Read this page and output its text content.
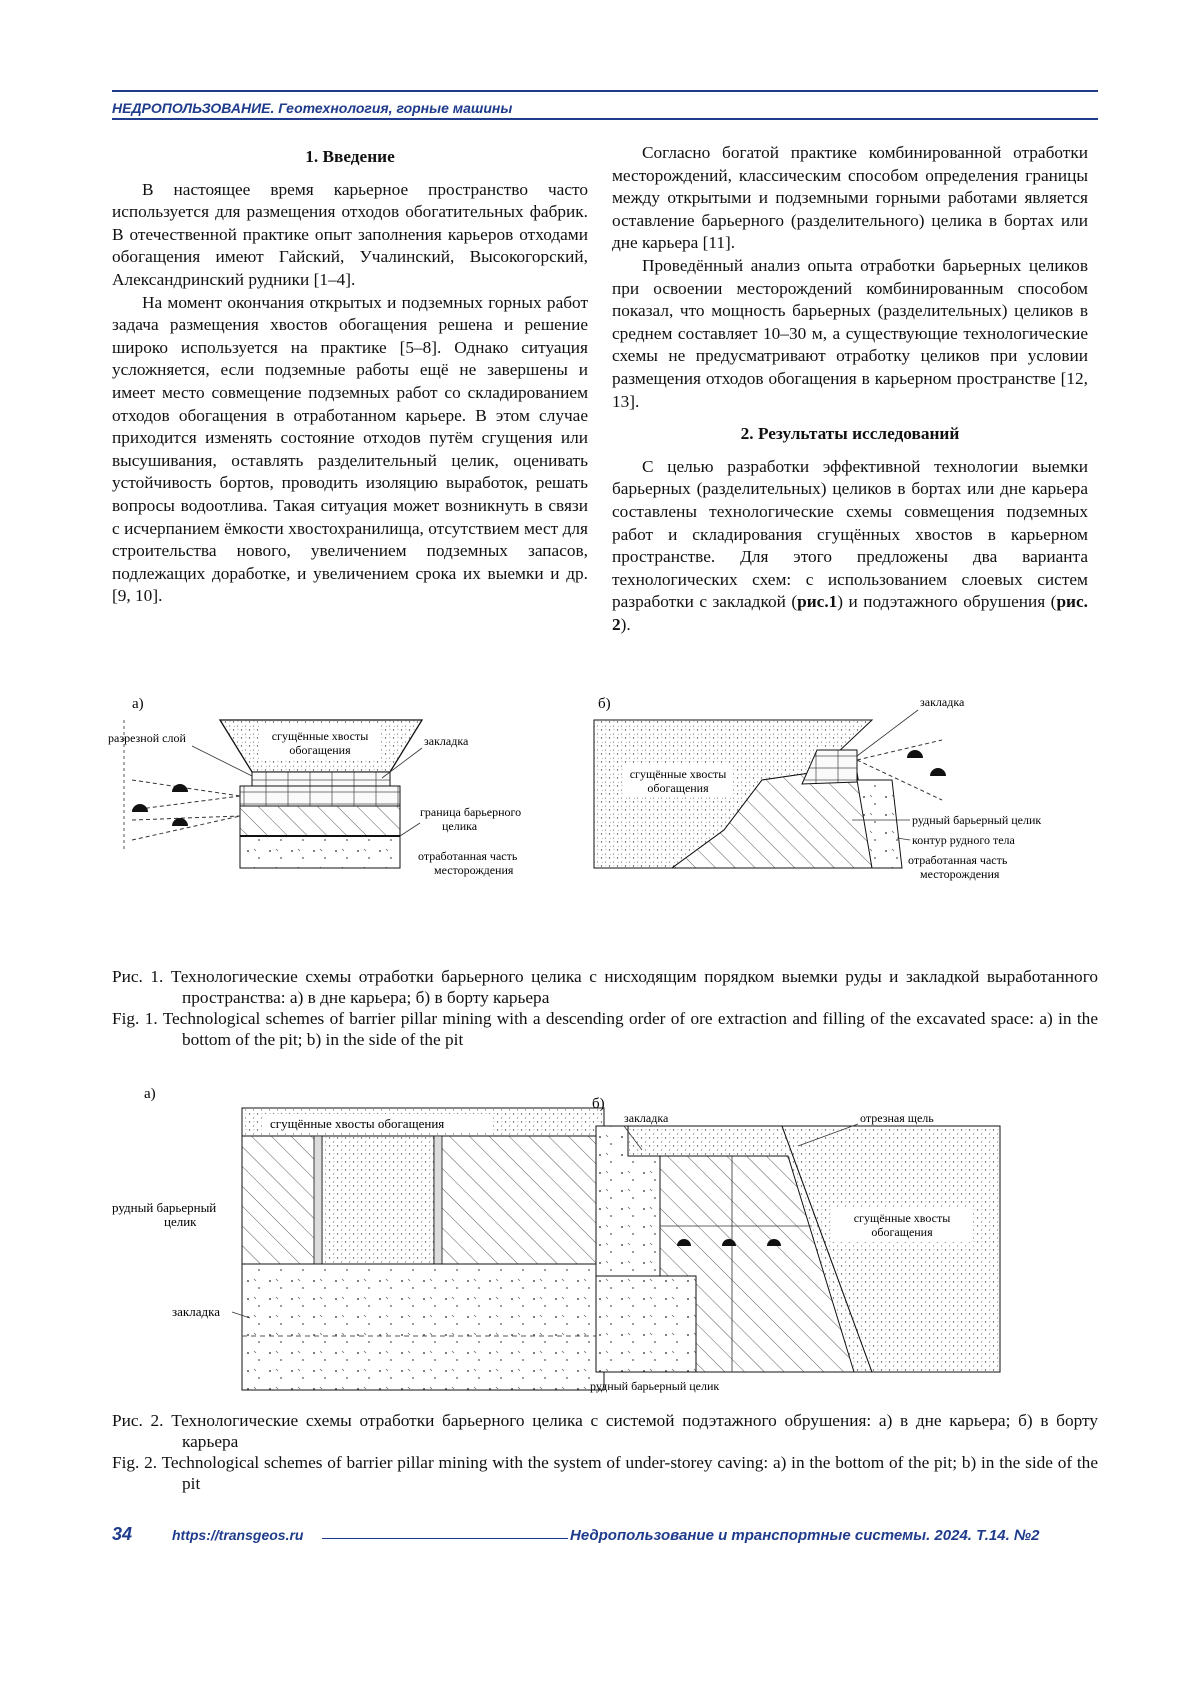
НЕДРОПОЛЬЗОВАНИЕ. Геотехнология, горные машины
1. Введение

В настоящее время карьерное пространство часто используется для размещения отходов обогатительных фабрик. В отечественной практике опыт заполнения карьеров отходами обогащения имеют Гайский, Учалинский, Высокогорский, Александринский рудники [1–4].

На момент окончания открытых и подземных горных работ задача размещения хвостов обогащения решена и решение широко используется на практике [5–8]. Однако ситуация усложняется, если подземные работы ещё не завершены и имеет место совмещение подземных работ со складированием отходов обогащения в отработанном карьере. В этом случае приходится изменять состояние отходов путём сгущения или высушивания, оставлять разделительный целик, оценивать устойчивость бортов, проводить изоляцию выработок, решать вопросы водоотлива. Такая ситуация может возникнуть в связи с исчерпанием ёмкости хвостохранилища, отсутствием мест для строительства нового, увеличением подземных запасов, подлежащих доработке, и увеличением срока их выемки и др. [9, 10].

Согласно богатой практике комбинированной отработки месторождений, классическим способом определения границы между открытыми и подземными горными работами является оставление барьерного (разделительного) целика в бортах или дне карьера [11].

Проведённый анализ опыта отработки барьерных целиков при освоении месторождений комбинированным способом показал, что мощность барьерных (разделительных) целиков в среднем составляет 10–30 м, а существующие технологические схемы не предусматривают отработку целиков при условии размещения отходов обогащения в карьерном пространстве [12, 13].

2. Результаты исследований

С целью разработки эффективной технологии выемки барьерных (разделительных) целиков в бортах или дне карьера составлены технологические схемы совмещения подземных работ и складирования сгущённых хвостов в карьерном пространстве. Для этого предложены два варианта технологических схем: с использованием слоевых систем разработки с закладкой (рис.1) и подэтажного обрушения (рис. 2).

а)
сгущённые хвосты
обогащения
разрезной слой	закладка
граница барьерного
целика
отработанная часть
месторождения
б)
сгущённые хвосты
обогащения
закладка
рудный барьерный целик
контур рудного тела
отработанная часть
месторождения

Рис. 1. Технологические схемы отработки барьерного целика с нисходящим порядком выемки руды и закладкой выработанного пространства: а) в дне карьера; б) в борту карьера

Fig. 1. Technological schemes of barrier pillar mining with a descending order of ore extraction and filling of the excavated space: a) in the bottom of the pit; b) in the side of the pit

а)
сгущённые хвосты обогащения
рудный барьерный
целик
закладка
б)
сгущённые хвосты
обогащения
закладка	отрезная щель
рудный барьерный целик

Рис. 2. Технологические схемы отработки барьерного целика с системой подэтажного обрушения: а) в дне карьера; б) в борту карьера

Fig. 2. Technological schemes of barrier pillar mining with the system of under-storey caving: a) in the bottom of the pit; b) in the side of the pit

34	https://transgeos.ru	Недропользование и транспортные системы. 2024. Т.14. №2
